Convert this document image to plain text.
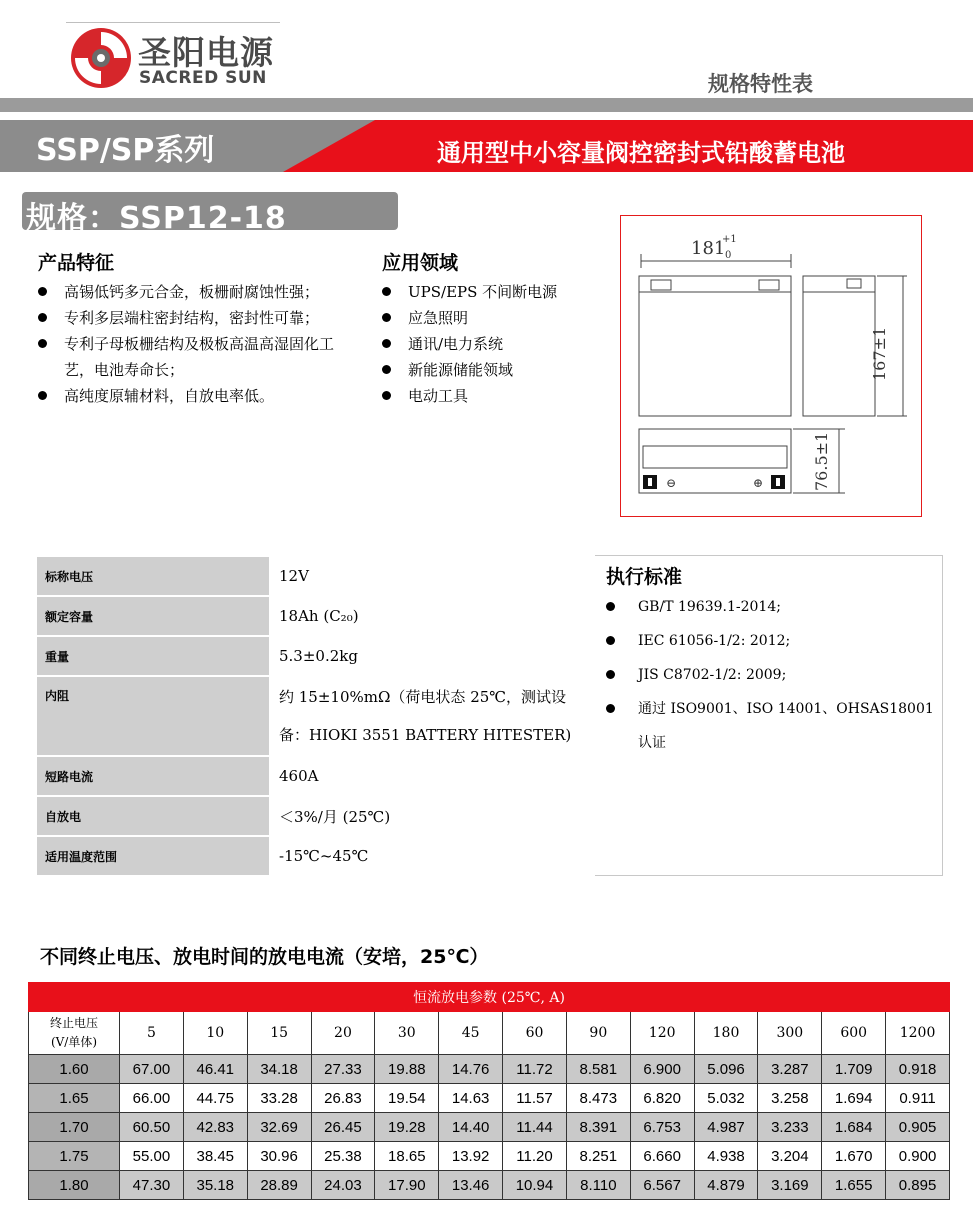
圣阳电源
SACRED SUN	规格特性表
SSP/SP系列	通用型中小容量阀控密封式铅酸蓄电池
规格：SSP12-18
产品特征
高锡低钙多元合金，板栅耐腐蚀性强；
专利多层端柱密封结构，密封性可靠；
专利子母板栅结构及极板高温高湿固化工艺，电池寿命长；
高纯度原辅材料，自放电率低。
应用领域
UPS/EPS 不间断电源
应急照明
通讯/电力系统
新能源储能领域
电动工具
⊖	⊕
181
+1
0
167±1
76.5±1
标称电压	12V
额定容量	18Ah (C₂₀)
重量	5.3±0.2kg
内阻	约 15±10%mΩ（荷电状态 25℃，测试设备：HIOKI 3551 BATTERY HITESTER)
短路电流	460A
自放电	＜3%/月 (25℃)
适用温度范围	-15℃~45℃
执行标准
GB/T 19639.1-2014;
IEC 61056-1/2: 2012;
JIS C8702-1/2: 2009;
通过 ISO9001、ISO 14001、OHSAS18001 认证
不同终止电压、放电时间的放电电流（安培，25℃）
恒流放电参数 (25℃, A)													

终止电压
(V/单体)	5	10	15	20	30	45	60	90	120	180	300	600	1200
1.60	67.00	46.41	34.18	27.33	19.88	14.76	11.72	8.581	6.900	5.096	3.287	1.709	0.918
1.65	66.00	44.75	33.28	26.83	19.54	14.63	11.57	8.473	6.820	5.032	3.258	1.694	0.911
1.70	60.50	42.83	32.69	26.45	19.28	14.40	11.44	8.391	6.753	4.987	3.233	1.684	0.905
1.75	55.00	38.45	30.96	25.38	18.65	13.92	11.20	8.251	6.660	4.938	3.204	1.670	0.900
1.80	47.30	35.18	28.89	24.03	17.90	13.46	10.94	8.110	6.567	4.879	3.169	1.655	0.895
